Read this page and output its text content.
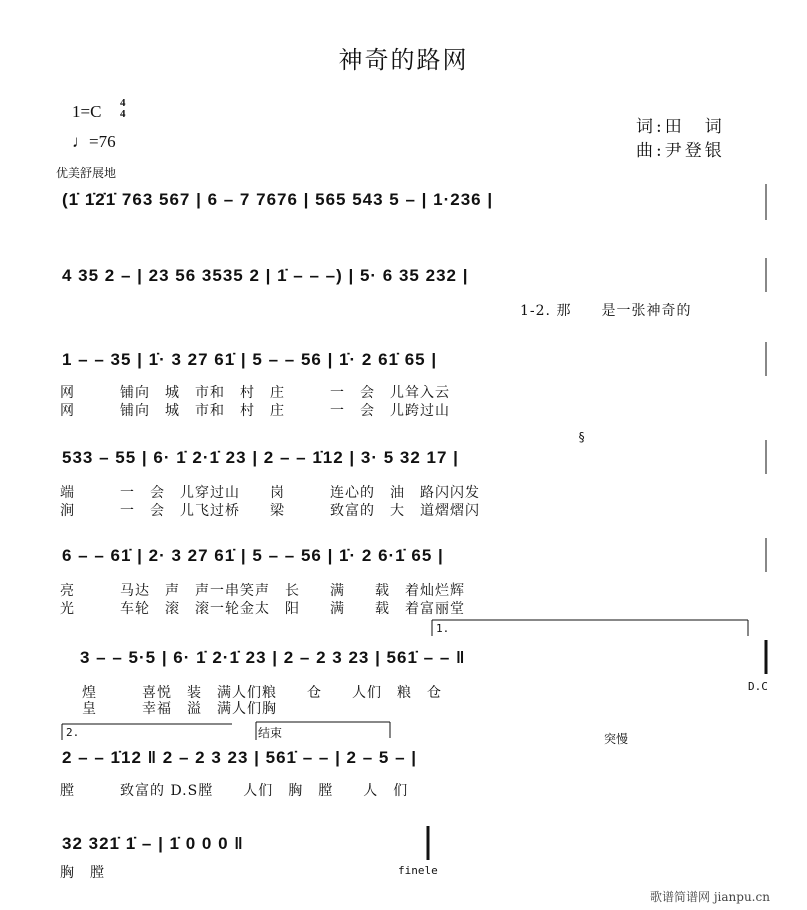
神奇的路网
1=C 4
4
♩=76
词:田　词
曲:尹登银
优美舒展地
(1̇ 1̇2̇1̇ 763 567 | 6 – 7 7676 | 565 543 5 – | 1·236 |
4 35 2 – | 23 56 3535 2 | 1̇ – – –) | 5· 6 35 232 |
1-2. 那　　是一张神奇的
1 – – 35 | 1̇· 3 27 61̇ | 5 – – 56 | 1̇· 2 61̇ 65 |
网　　　铺向　城　市和　村　庄　　　一　会　儿耸入云
网　　　铺向　城　市和　村　庄　　　一　会　儿跨过山
533 – 55 | 6· 1̇ 2·1̇ 23 | 2 – – 1̇12 | 3· 5 32 17 |
端　　　一　会　儿穿过山　　岗　　　连心的　油　路闪闪发
涧　　　一　会　儿飞过桥　　梁　　　致富的　大　道熠熠闪
6 – – 61̇ | 2· 3 27 61̇ | 5 – – 56 | 1̇· 2 6·1̇ 65 |
亮　　　马达　声　声一串笑声　长　　满　　载　着灿烂辉
光　　　车轮　滚　滚一轮金太　阳　　满　　载　着富丽堂
3 – – 5·5 | 6· 1̇ 2·1̇ 23 | 2 – 2 3 23 | 561̇ – – ‖
煌　　　喜悦　装　满人们粮　　仓　　人们　粮　仓
皇　　　幸福　溢　满人们胸
2 – – 1̇12 ‖ 2 – 2 3 23 | 561̇ – – | 2 – 5 – |
膛　　　致富的 D.S膛　　人们　胸　膛　　人　们
32 321̇ 1̇ – | 1̇ 0 0 0 ‖
胸　膛
1.
2.	结束	突慢
D.C
finele
§
歌谱简谱网 jianpu.cn
